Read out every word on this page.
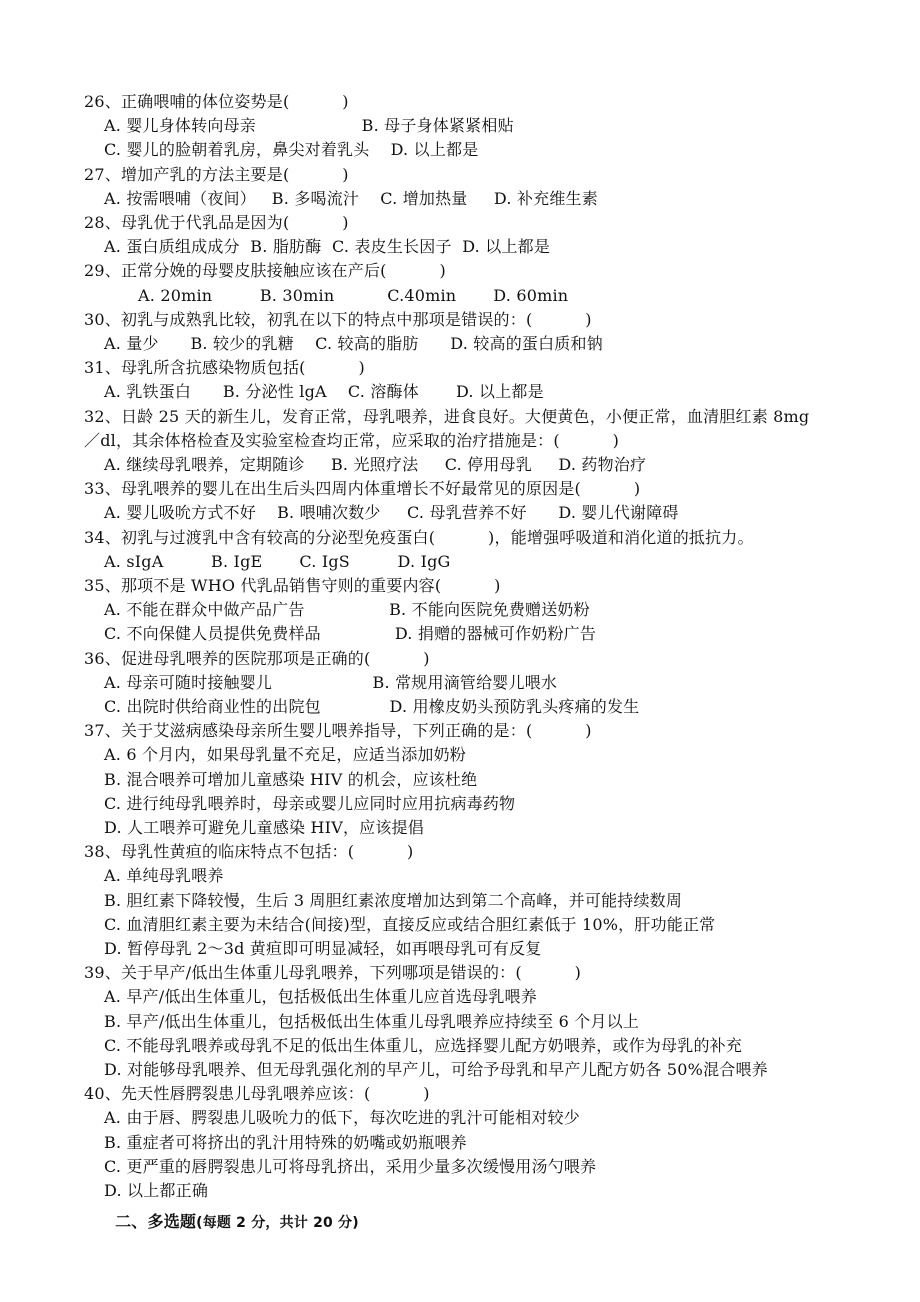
26、正确喂哺的体位姿势是(          )
A. 婴儿身体转向母亲                    B. 母子身体紧紧相贴
C. 婴儿的脸朝着乳房，鼻尖对着乳头    D. 以上都是
27、增加产乳的方法主要是(          )
A. 按需喂哺（夜间）   B. 多喝流汁    C. 增加热量     D. 补充维生素
28、母乳优于代乳品是因为(          )
A. 蛋白质组成成分  B. 脂肪酶  C. 表皮生长因子  D. 以上都是
29、正常分娩的母婴皮肤接触应该在产后(          )
A. 20min         B. 30min          C.40min       D. 60min
30、初乳与成熟乳比较，初乳在以下的特点中那项是错误的：(          )
A. 量少      B. 较少的乳糖    C. 较高的脂肪      D. 较高的蛋白质和钠
31、母乳所含抗感染物质包括(          )
A. 乳铁蛋白      B. 分泌性 lgA    C. 溶酶体       D. 以上都是
32、日龄 25 天的新生儿，发育正常，母乳喂养，进食良好。大便黄色，小便正常，血清胆红素 8mg
／dl，其余体格检查及实验室检查均正常，应采取的治疗措施是：(          )
A. 继续母乳喂养，定期随诊     B. 光照疗法     C. 停用母乳     D. 药物治疗
33、母乳喂养的婴儿在出生后头四周内体重增长不好最常见的原因是(          )
A. 婴儿吸吮方式不好    B. 喂哺次数少     C. 母乳营养不好      D. 婴儿代谢障碍
34、初乳与过渡乳中含有较高的分泌型免疫蛋白(          )，能增强呼吸道和消化道的抵抗力。
A. sIgA         B. IgE       C. IgS         D. IgG
35、那项不是 WHO 代乳品销售守则的重要内容(          )
A. 不能在群众中做产品广告                B. 不能向医院免费赠送奶粉
C. 不向保健人员提供免费样品              D. 捐赠的器械可作奶粉广告
36、促进母乳喂养的医院那项是正确的(          )
A. 母亲可随时接触婴儿                   B. 常规用滴管给婴儿喂水
C. 出院时供给商业性的出院包             D. 用橡皮奶头预防乳头疼痛的发生
37、关于艾滋病感染母亲所生婴儿喂养指导，下列正确的是：(          )
A. 6 个月内，如果母乳量不充足，应适当添加奶粉
B. 混合喂养可增加儿童感染 HIV 的机会，应该杜绝
C. 进行纯母乳喂养时，母亲或婴儿应同时应用抗病毒药物
D. 人工喂养可避免儿童感染 HIV，应该提倡
38、母乳性黄疸的临床特点不包括：(          )
A. 单纯母乳喂养
B. 胆红素下降较慢，生后 3 周胆红素浓度增加达到第二个高峰，并可能持续数周
C. 血清胆红素主要为未结合(间接)型，直接反应或结合胆红素低于 10%，肝功能正常
D. 暂停母乳 2～3d 黄疸即可明显减轻，如再喂母乳可有反复
39、关于早产/低出生体重儿母乳喂养，下列哪项是错误的：(          )
A. 早产/低出生体重儿，包括极低出生体重儿应首选母乳喂养
B. 早产/低出生体重儿，包括极低出生体重儿母乳喂养应持续至 6 个月以上
C. 不能母乳喂养或母乳不足的低出生体重儿，应选择婴儿配方奶喂养，或作为母乳的补充
D. 对能够母乳喂养、但无母乳强化剂的早产儿，可给予母乳和早产儿配方奶各 50%混合喂养
40、先天性唇腭裂患儿母乳喂养应该：(          )
A. 由于唇、腭裂患儿吸吮力的低下，每次吃进的乳汁可能相对较少
B. 重症者可将挤出的乳汁用特殊的奶嘴或奶瓶喂养
C. 更严重的唇腭裂患儿可将母乳挤出，采用少量多次缓慢用汤勺喂养
D. 以上都正确

二、多选题(每题 2 分，共计 20 分)
